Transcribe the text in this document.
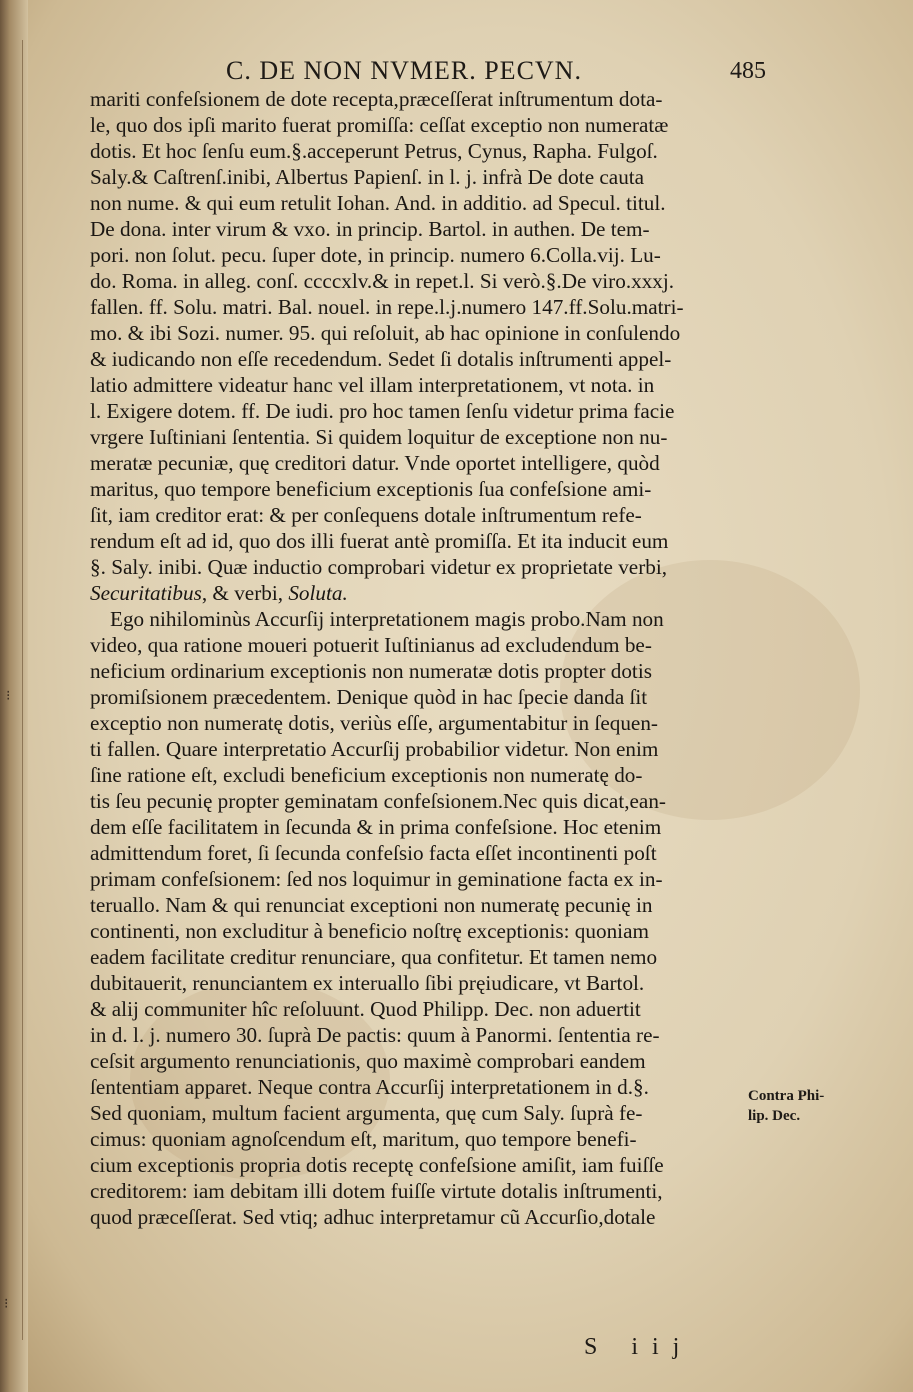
⁝
⁝
C. DE NON NVMER. PECVN.	485
mariti confeſsionem de dote recepta,præceſſerat inſtrumentum dota-
le, quo dos ipſi marito fuerat promiſſa: ceſſat exceptio non numeratæ
dotis. Et hoc ſenſu eum.§.acceperunt Petrus, Cynus, Rapha. Fulgoſ.
Saly.& Caſtrenſ.inibi, Albertus Papienſ. in l. j. infrà De dote cauta
non nume. & qui eum retulit Iohan. And. in additio. ad Specul. titul.
De dona. inter virum & vxo. in princip. Bartol. in authen. De tem-
pori. non ſolut. pecu. ſuper dote, in princip. numero 6.Colla.vij. Lu-
do. Roma. in alleg. conſ. ccccxlv.& in repet.l. Si verò.§.De viro.xxxj.
fallen. ff. Solu. matri. Bal. nouel. in repe.l.j.numero 147.ff.Solu.matri-
mo. & ibi Sozi. numer. 95. qui reſoluit, ab hac opinione in conſulendo
& iudicando non eſſe recedendum. Sedet ſi dotalis inſtrumenti appel-
latio admittere videatur hanc vel illam interpretationem, vt nota. in
l. Exigere dotem. ff. De iudi. pro hoc tamen ſenſu videtur prima facie
vrgere Iuſtiniani ſententia. Si quidem loquitur de exceptione non nu-
meratæ pecuniæ, quę creditori datur. Vnde oportet intelligere, quòd
maritus, quo tempore beneficium exceptionis ſua confeſsione ami-
ſit, iam creditor erat: & per conſequens dotale inſtrumentum refe-
rendum eſt ad id, quo dos illi fuerat antè promiſſa. Et ita inducit eum
§. Saly. inibi. Quæ inductio comprobari videtur ex proprietate verbi,
Securitatibus, & verbi, Soluta.
Ego nihilominùs Accurſij interpretationem magis probo.Nam non
video, qua ratione moueri potuerit Iuſtinianus ad excludendum be-
neficium ordinarium exceptionis non numeratæ dotis propter dotis
promiſsionem præcedentem. Denique quòd in hac ſpecie danda ſit
exceptio non numeratę dotis, veriùs eſſe, argumentabitur in ſequen-
ti fallen. Quare interpretatio Accurſij probabilior videtur. Non enim
ſine ratione eſt, excludi beneficium exceptionis non numeratę do-
tis ſeu pecunię propter geminatam confeſsionem.Nec quis dicat,ean-
dem eſſe facilitatem in ſecunda & in prima confeſsione. Hoc etenim
admittendum foret, ſi ſecunda confeſsio facta eſſet incontinenti poſt
primam confeſsionem: ſed nos loquimur in geminatione facta ex in-
teruallo. Nam & qui renunciat exceptioni non numeratę pecunię in
continenti, non excluditur à beneficio noſtrę exceptionis: quoniam
eadem facilitate creditur renunciare, qua confitetur. Et tamen nemo
dubitauerit, renunciantem ex interuallo ſibi pręiudicare, vt Bartol.
& alij communiter hîc reſoluunt. Quod Philipp. Dec. non aduertit
in d. l. j. numero 30. ſuprà De pactis: quum à Panormi. ſententia re-
ceſsit argumento renunciationis, quo maximè comprobari eandem
ſententiam apparet. Neque contra Accurſij interpretationem in d.§.
Sed quoniam, multum facient argumenta, quę cum Saly. ſuprà fe-
cimus: quoniam agnoſcendum eſt, maritum, quo tempore benefi-
cium exceptionis propria dotis receptę confeſsione amiſit, iam fuiſſe
creditorem: iam debitam illi dotem fuiſſe virtute dotalis inſtrumenti,
quod præceſſerat. Sed vtiq; adhuc interpretamur cũ Accurſio,dotale
Contra Phi-
lip. Dec.
S iij
